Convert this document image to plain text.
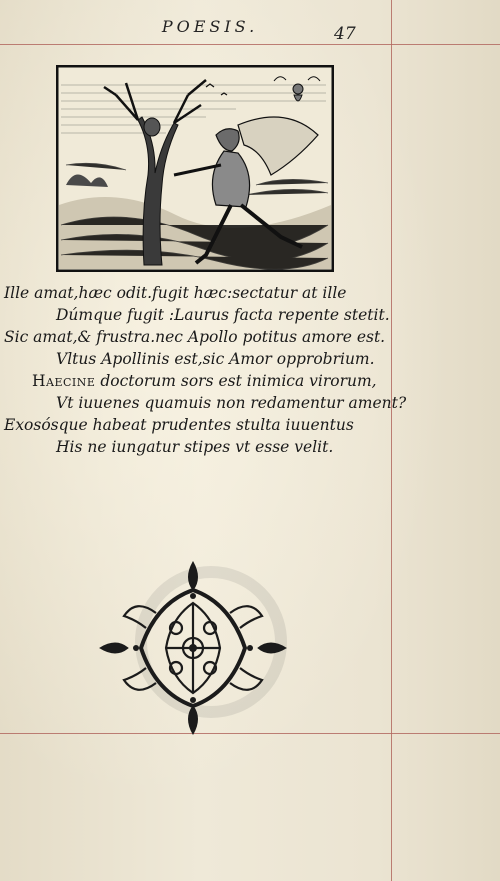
POESIS.	47
Ille amat,hæc odit.fugit hæc:sectatur at ille
Dúmque fugit :Laurus facta repente stetit.
Sic amat,& frustra.nec Apollo potitus amore est.
Vltus Apollinis est,sic Amor opprobrium.
Haecine doctorum sors est inimica virorum,
Vt iuuenes quamuis non redamentur ament?
Exosósque habeat prudentes stulta iuuentus
His ne iungatur stipes vt esse velit.
